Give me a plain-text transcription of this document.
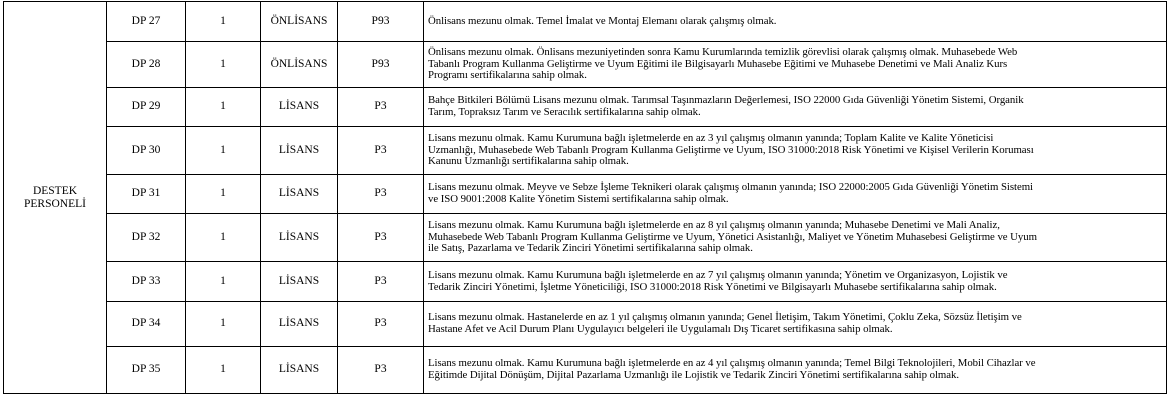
DESTEK
PERSONELİ	DP 27	1	ÖNLİSANS	P93	Önlisans mezunu olmak. Temel İmalat ve Montaj Elemanı olarak çalışmış olmak.

	DP 28	1	ÖNLİSANS	P93	Önlisans mezunu olmak. Önlisans mezuniyetinden sonra Kamu Kurumlarında temizlik görevlisi olarak çalışmış olmak. Muhasebede Web
Tabanlı Program Kullanma Geliştirme ve Uyum Eğitimi ile Bilgisayarlı Muhasebe Eğitimi ve Muhasebe Denetimi ve Mali Analiz Kurs
Programı sertifikalarına sahip olmak.

	DP 29	1	LİSANS	P3	Bahçe Bitkileri Bölümü Lisans mezunu olmak. Tarımsal Taşınmazların Değerlemesi, ISO 22000 Gıda Güvenliği Yönetim Sistemi, Organik
Tarım, Topraksız Tarım ve Seracılık sertifikalarına sahip olmak.

	DP 30	1	LİSANS	P3	Lisans mezunu olmak. Kamu Kurumuna bağlı işletmelerde en az 3 yıl çalışmış olmanın yanında; Toplam Kalite ve Kalite Yöneticisi
Uzmanlığı, Muhasebede Web Tabanlı Program Kullanma Geliştirme ve Uyum, ISO 31000:2018 Risk Yönetimi ve Kişisel Verilerin Koruması
Kanunu Uzmanlığı sertifikalarına sahip olmak.

	DP 31	1	LİSANS	P3	Lisans mezunu olmak. Meyve ve Sebze İşleme Teknikeri olarak çalışmış olmanın yanında; ISO 22000:2005 Gıda Güvenliği Yönetim Sistemi
ve ISO 9001:2008 Kalite Yönetim Sistemi sertifikalarına sahip olmak.

	DP 32	1	LİSANS	P3	Lisans mezunu olmak. Kamu Kurumuna bağlı işletmelerde en az 8 yıl çalışmış olmanın yanında; Muhasebe Denetimi ve Mali Analiz,
Muhasebede Web Tabanlı Program Kullanma Geliştirme ve Uyum, Yönetici Asistanlığı, Maliyet ve Yönetim Muhasebesi Geliştirme ve Uyum
ile Satış, Pazarlama ve Tedarik Zinciri Yönetimi sertifikalarına sahip olmak.

	DP 33	1	LİSANS	P3	Lisans mezunu olmak. Kamu Kurumuna bağlı işletmelerde en az 7 yıl çalışmış olmanın yanında; Yönetim ve Organizasyon, Lojistik ve
Tedarik Zinciri Yönetimi, İşletme Yöneticiliği, ISO 31000:2018 Risk Yönetimi ve Bilgisayarlı Muhasebe sertifikalarına sahip olmak.

	DP 34	1	LİSANS	P3	Lisans mezunu olmak. Hastanelerde en az 1 yıl çalışmış olmanın yanında; Genel İletişim, Takım Yönetimi, Çoklu Zeka, Sözsüz İletişim ve
Hastane Afet ve Acil Durum Planı Uygulayıcı belgeleri ile Uygulamalı Dış Ticaret sertifikasına sahip olmak.

	DP 35	1	LİSANS	P3	Lisans mezunu olmak. Kamu Kurumuna bağlı işletmelerde en az 4 yıl çalışmış olmanın yanında; Temel Bilgi Teknolojileri, Mobil Cihazlar ve
Eğitimde Dijital Dönüşüm, Dijital Pazarlama Uzmanlığı ile Lojistik ve Tedarik Zinciri Yönetimi sertifikalarına sahip olmak.
